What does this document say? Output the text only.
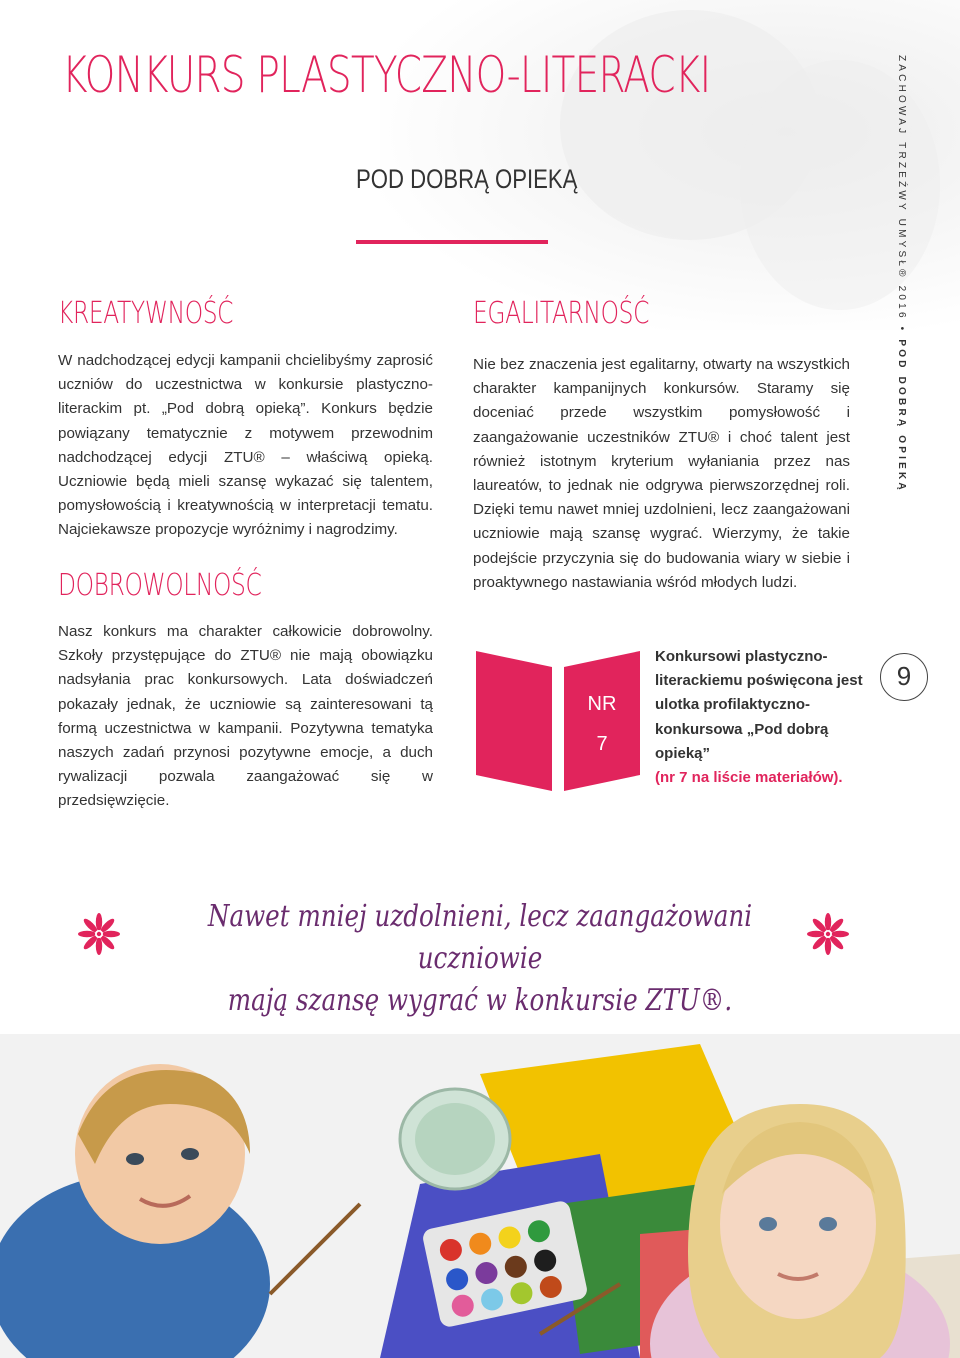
KONKURS PLASTYCZNO-LITERACKI
POD DOBRĄ OPIEKĄ	ZACHOWAJ TRZEŹWY UMYSŁ® 2016 • POD DOBRĄ OPIEKĄ
KREATYWNOŚĆ

W nadchodzącej edycji kampanii chcielibyśmy zaprosić uczniów do uczestnictwa w konkursie plastyczno-literackim pt. „Pod dobrą opieką”. Konkurs będzie powiązany tematycznie z motywem przewodnim nadchodzącej edycji ZTU® – właściwą opieką. Uczniowie będą mieli szansę wykazać się talentem, pomysłowością i kreatywnością w interpretacji tematu. Najciekawsze propozycje wyróżnimy i nagrodzimy.

DOBROWOLNOŚĆ

Nasz konkurs ma charakter całkowicie dobrowolny. Szkoły przystępujące do ZTU® nie mają obowiązku nadsyłania prac konkursowych. Lata doświadczeń pokazały jednak, że uczniowie są zainteresowani tą formą uczestnictwa w kampanii. Pozytywna tematyka naszych zadań przynosi pozytywne emocje, a duch rywalizacji pozwala zaangażować się w przedsięwzięcie.

EGALITARNOŚĆ

Nie bez znaczenia jest egalitarny, otwarty na wszystkich charakter kampanijnych konkursów. Staramy się doceniać przede wszystkim pomysłowość i zaangażowanie uczestników ZTU® i choć talent jest również istotnym kryterium wyłaniania przez nas laureatów, to jednak nie odgrywa pierwszorzędnej roli. Dzięki temu nawet mniej uzdolnieni, lecz zaangażowani uczniowie mają szansę wygrać. Wierzymy, że takie podejście przyczynia się do budowania wiary w siebie i proaktywnego nastawiania wśród młodych ludzi.

NR
7

Konkursowi plastyczno-literackiemu poświęcona jest ulotka profilaktyczno-konkursowa „Pod dobrą opieką”
(nr 7 na liście materiałów).

9
Nawet mniej uzdolnieni, lecz zaangażowani uczniowie
mają szansę wygrać w konkursie ZTU®.
